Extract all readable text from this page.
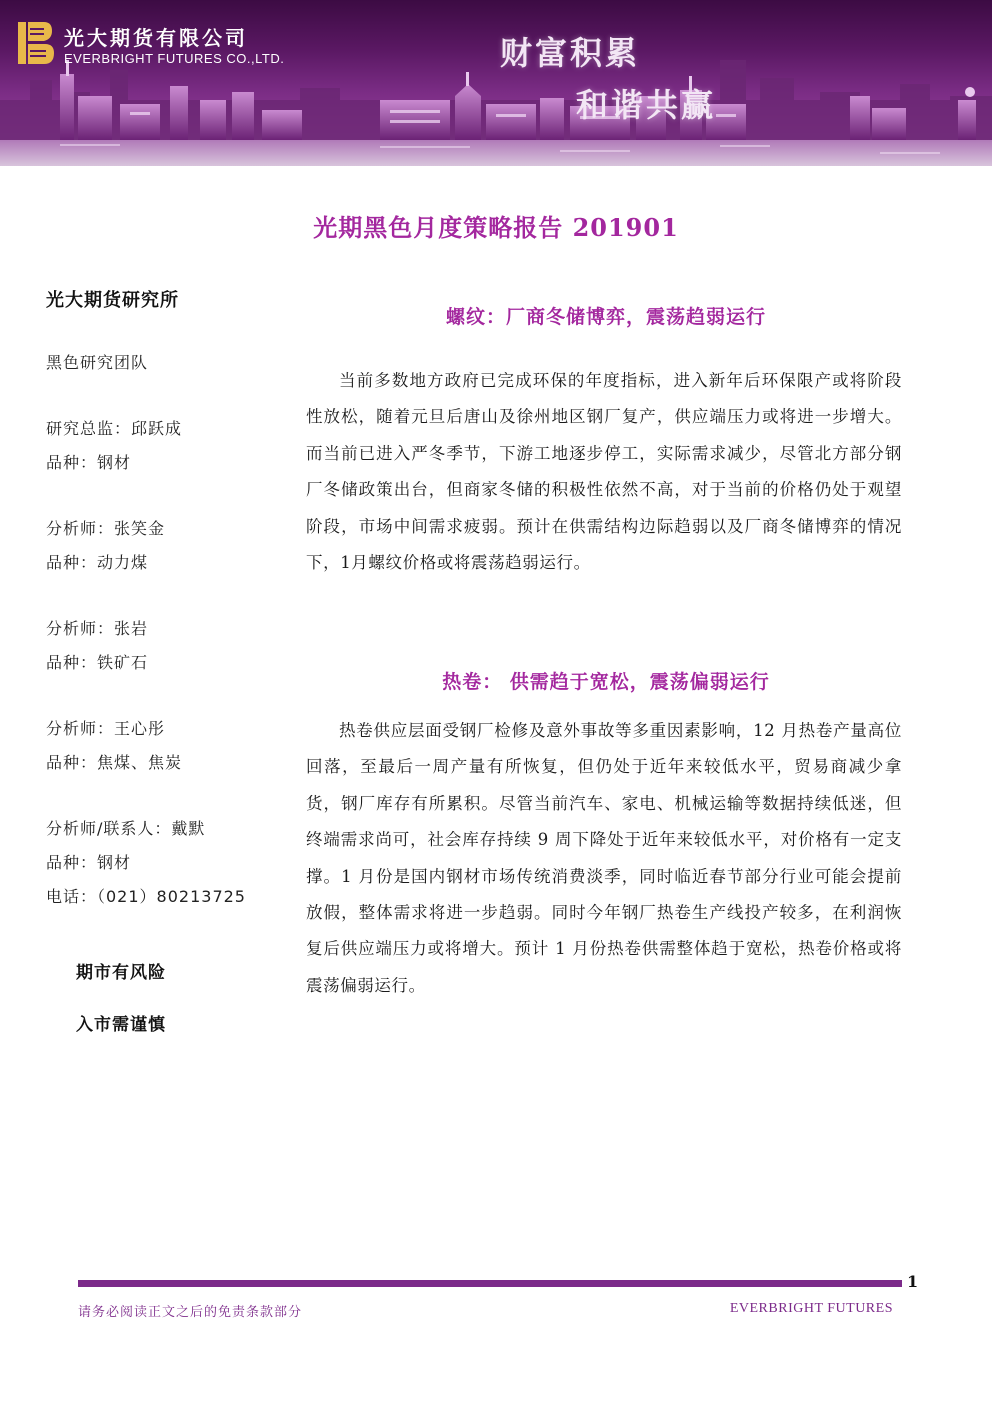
光大期货有限公司
EVERBRIGHT FUTURES CO.,LTD.	财富积累
和谐共赢
光期黑色月度策略报告 201901
光大期货研究所
黑色研究团队
研究总监：邱跃成
品种：钢材
分析师：张笑金
品种：动力煤
分析师：张岩
品种：铁矿石
分析师：王心彤
品种：焦煤、焦炭
分析师/联系人：戴默
品种：钢材
电话：（021）80213725
期市有风险
入市需谨慎
螺纹：厂商冬储博弈，震荡趋弱运行

当前多数地方政府已完成环保的年度指标，进入新年后环保限产或将阶段性放松，随着元旦后唐山及徐州地区钢厂复产，供应端压力或将进一步增大。而当前已进入严冬季节，下游工地逐步停工，实际需求减少，尽管北方部分钢厂冬储政策出台，但商家冬储的积极性依然不高，对于当前的价格仍处于观望阶段，市场中间需求疲弱。预计在供需结构边际趋弱以及厂商冬储博弈的情况下，1月螺纹价格或将震荡趋弱运行。

热卷： 供需趋于宽松，震荡偏弱运行

热卷供应层面受钢厂检修及意外事故等多重因素影响，12 月热卷产量高位回落，至最后一周产量有所恢复，但仍处于近年来较低水平，贸易商减少拿货，钢厂库存有所累积。尽管当前汽车、家电、机械运输等数据持续低迷，但终端需求尚可，社会库存持续 9 周下降处于近年来较低水平，对价格有一定支撑。1 月份是国内钢材市场传统消费淡季，同时临近春节部分行业可能会提前放假，整体需求将进一步趋弱。同时今年钢厂热卷生产线投产较多，在利润恢复后供应端压力或将增大。预计 1 月份热卷供需整体趋于宽松，热卷价格或将震荡偏弱运行。

1
请务必阅读正文之后的免责条款部分	EVERBRIGHT FUTURES
